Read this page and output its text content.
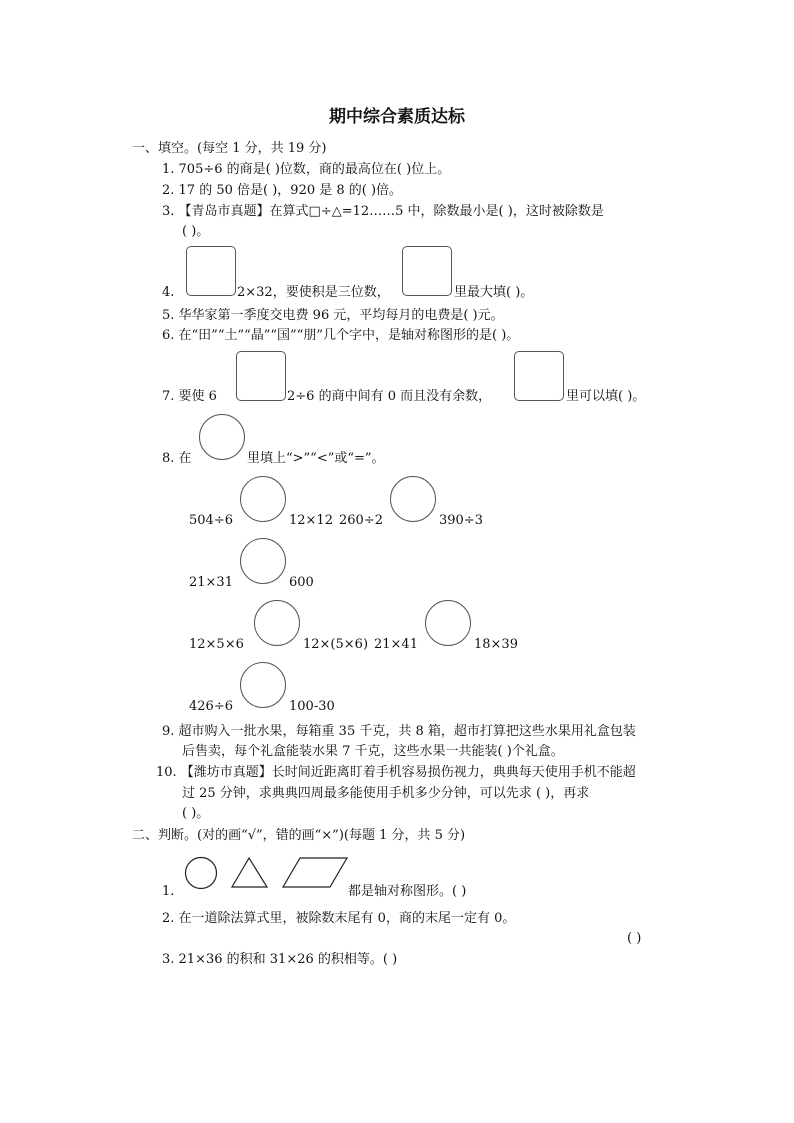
期中综合素质达标
一、填空。(每空 1 分，共 19 分)
1. 705÷6 的商是( )位数，商的最高位在( )位上。
2. 17 的 50 倍是( )，920 是 8 的( )倍。
3. 【青岛市真题】在算式□÷△=12……5 中，除数最小是( )，这时被除数是
( )。
4.	2×32，要使积是三位数，	里最大填( )。
5. 华华家第一季度交电费 96 元，平均每月的电费是( )元。
6. 在“田”“土”“晶”“国”“朋”几个字中，是轴对称图形的是( )。
7. 要使 6	2÷6 的商中间有 0 而且没有余数，	里可以填( )。
8. 在	里填上“>”“<”或“=”。
504÷6	12×12 260÷2	390÷3
21×31	600
12×5×6	12×(5×6) 21×41	18×39
426÷6	100-30
9. 超市购入一批水果，每箱重 35 千克，共 8 箱，超市打算把这些水果用礼盒包装
后售卖，每个礼盒能装水果 7 千克，这些水果一共能装( )个礼盒。
10. 【潍坊市真题】长时间近距离盯着手机容易损伤视力，典典每天使用手机不能超
过 25 分钟，求典典四周最多能使用手机多少分钟，可以先求 ( )，再求
( )。
二、判断。(对的画“√”，错的画“×”)(每题 1 分，共 5 分)
1.	都是轴对称图形。( )
2. 在一道除法算式里，被除数末尾有 0，商的末尾一定有 0。
( )
3. 21×36 的积和 31×26 的积相等。( )
